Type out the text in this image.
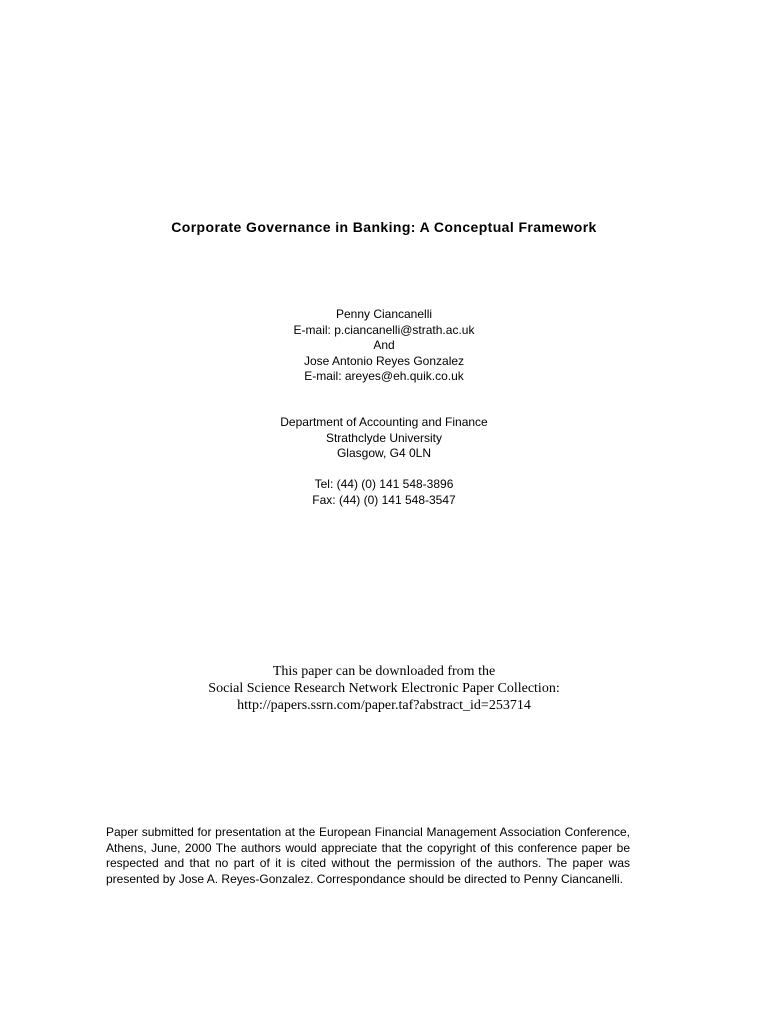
Corporate Governance in Banking: A Conceptual Framework
Penny Ciancanelli
E-mail: p.ciancanelli@strath.ac.uk
And
Jose Antonio Reyes Gonzalez
E-mail: areyes@eh.quik.co.uk
Department of Accounting and Finance
Strathclyde University
Glasgow, G4 0LN
Tel: (44) (0) 141 548-3896
Fax: (44) (0) 141 548-3547
This paper can be downloaded from the
Social Science Research Network Electronic Paper Collection:
http://papers.ssrn.com/paper.taf?abstract_id=253714

Paper submitted for presentation at the European Financial Management Association Conference, Athens, June, 2000 The authors would appreciate that the copyright of this conference paper be respected and that no part of it is cited without the permission of the authors. The paper was presented by Jose A. Reyes-Gonzalez. Correspondance should be directed to Penny Ciancanelli.
